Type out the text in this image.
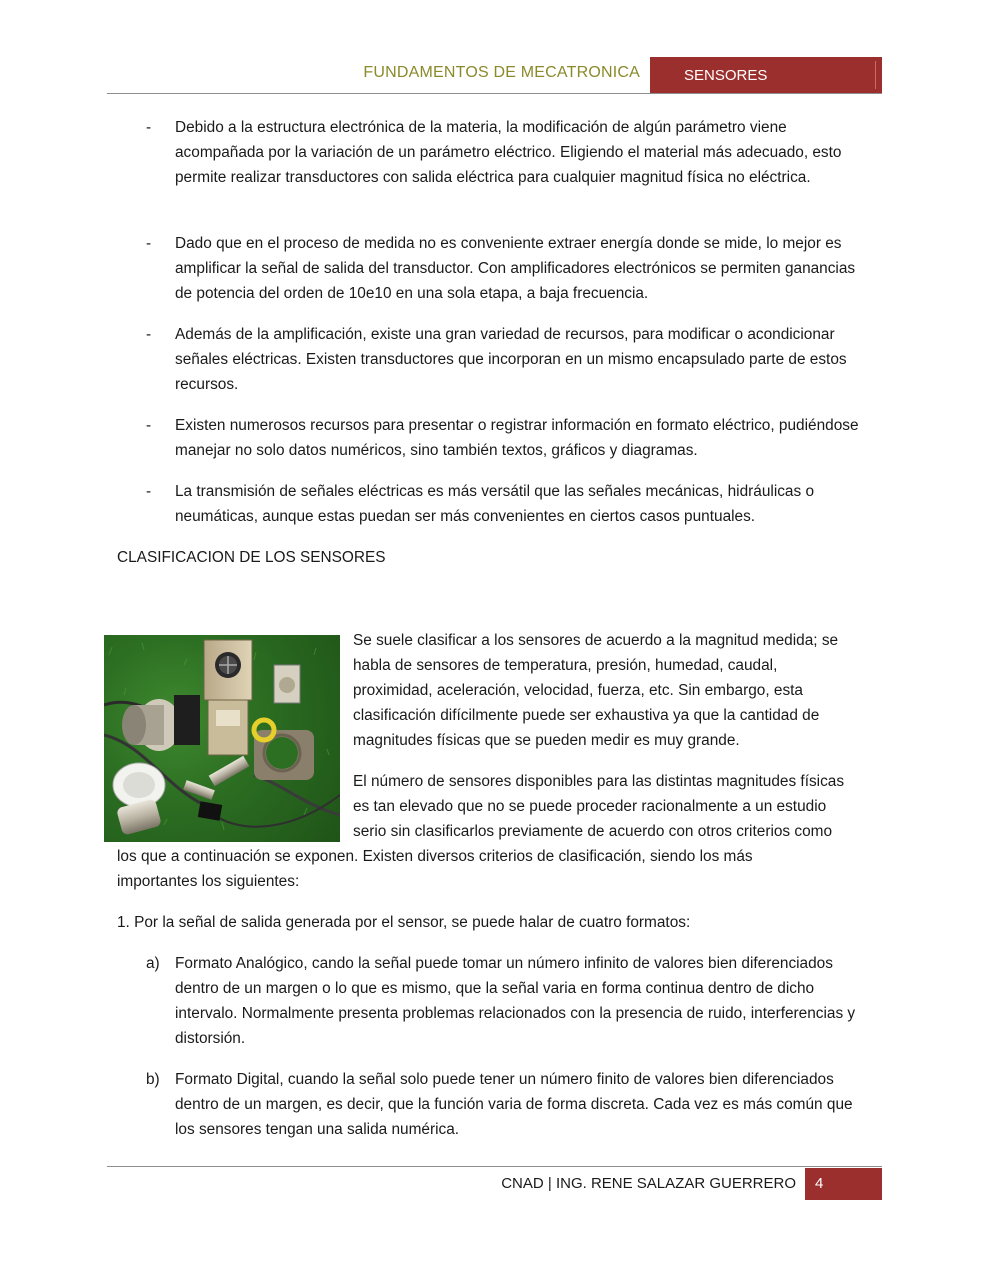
FUNDAMENTOS DE MECATRONICA	SENSORES
- Debido a la estructura electrónica de la materia, la modificación de algún parámetro viene acompañada por la variación de un parámetro eléctrico. Eligiendo el material más adecuado, esto permite realizar transductores con salida eléctrica para cualquier magnitud física no eléctrica.
- Dado que en el proceso de medida no es conveniente extraer energía donde se mide, lo mejor es amplificar la señal de salida del transductor. Con amplificadores electrónicos se permiten ganancias de potencia del orden de 10e10 en una sola etapa, a baja frecuencia.
- Además de la amplificación, existe una gran variedad de recursos, para modificar o acondicionar señales eléctricas. Existen transductores que incorporan en un mismo encapsulado parte de estos recursos.
- Existen numerosos recursos para presentar o registrar información en formato eléctrico, pudiéndose manejar no solo datos numéricos, sino también textos, gráficos y diagramas.
- La transmisión de señales eléctricas es más versátil que las señales mecánicas, hidráulicas o neumáticas, aunque estas puedan ser más convenientes en ciertos casos puntuales.
CLASIFICACION DE LOS SENSORES
Se suele clasificar a los sensores de acuerdo a la magnitud medida; se
habla de sensores de temperatura, presión, humedad, caudal,
proximidad, aceleración, velocidad, fuerza, etc. Sin embargo, esta
clasificación difícilmente puede ser exhaustiva ya que la cantidad de
magnitudes físicas que se pueden medir es muy grande.
El número de sensores disponibles para las distintas magnitudes físicas
es tan elevado que no se puede proceder racionalmente a un estudio
serio sin clasificarlos previamente de acuerdo con otros criterios como
los que a continuación se exponen. Existen diversos criterios de clasificación, siendo los más
importantes los siguientes:
1. Por la señal de salida generada por el sensor, se puede halar de cuatro formatos:
a) Formato Analógico, cando la señal puede tomar un número infinito de valores bien diferenciados dentro de un margen o lo que es mismo, que la señal varia en forma continua dentro de dicho intervalo. Normalmente presenta problemas relacionados con la presencia de ruido, interferencias y distorsión.
b) Formato Digital, cuando la señal solo puede tener un número finito de valores bien diferenciados dentro de un margen, es decir, que la función varia de forma discreta. Cada vez es más común que los sensores tengan una salida numérica.
CNAD | ING. RENE SALAZAR GUERRERO	4
